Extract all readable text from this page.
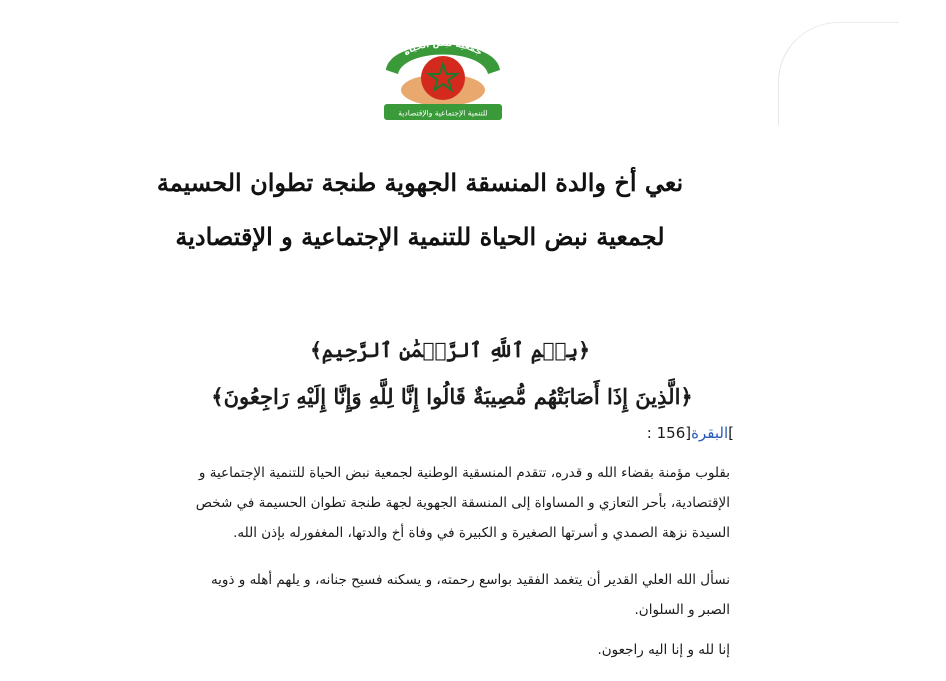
جمعية نبض الحياة
للتنمية الإجتماعية والإقتصادية
نعي أخ والدة المنسقة الجهوية طنجة تطوان الحسيمة
لجمعية نبض الحياة للتنمية الإجتماعية و الإقتصادية
﴿بِسۡمِ ٱللَّهِ ٱلرَّحۡمَٰنِ ٱلرَّحِيمِ﴾
﴿الَّذِينَ إِذَا أَصَابَتْهُم مُّصِيبَةٌ قَالُوا إِنَّا لِلَّهِ وَإِنَّا إِلَيْهِ رَاجِعُونَ﴾
]البقرة[156 :
بقلوب مؤمنة بقضاء الله و قدره، تتقدم المنسقية الوطنية لجمعية نبض الحياة للتنمية الإجتماعية و
الإقتصادية، بأحر التعازي و المساواة إلى المنسقة الجهوية لجهة طنجة تطوان الحسيمة في شخص
السيدة نزهة الصمدي و أسرتها الصغيرة و الكبيرة في وفاة أخ والدتها، المغفورله بإذن الله.
نسأل الله العلي القدير أن يتغمد الفقيد بواسع رحمته، و يسكنه فسيح جنانه، و يلهم أهله و ذويه
الصبر و السلوان.
إنا لله و إنا اليه راجعون.
